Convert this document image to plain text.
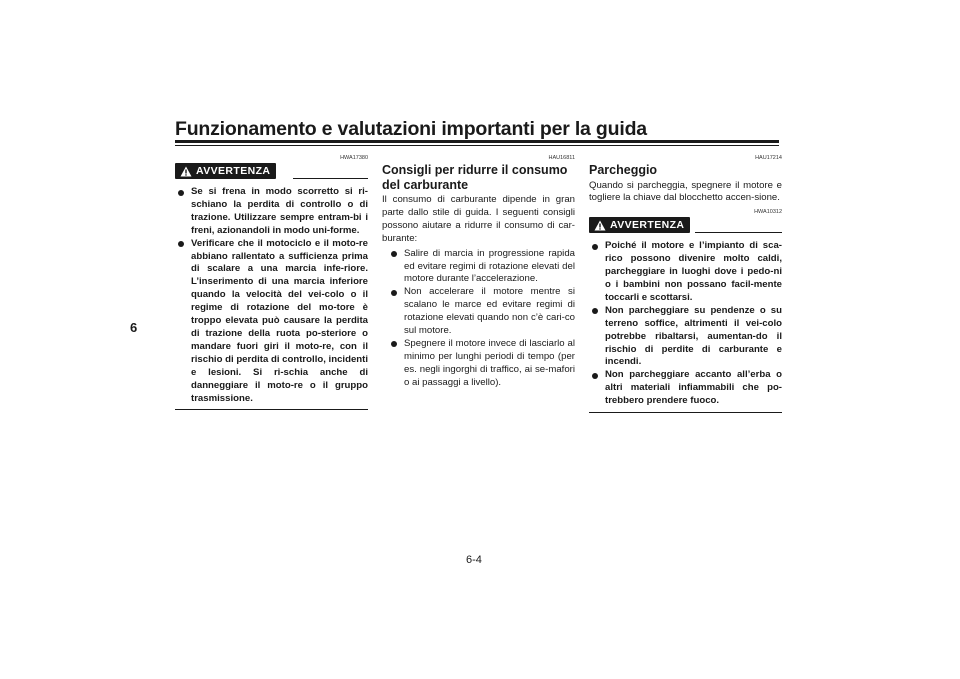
Funzionamento e valutazioni importanti per la guida
6
HWA17380
AVVERTENZA
Se si frena in modo scorretto si ri-schiano la perdita di controllo o di trazione. Utilizzare sempre entram-bi i freni, azionandoli in modo uni-forme.
Verificare che il motociclo e il moto-re abbiano rallentato a sufficienza prima di scalare a una marcia infe-riore. L’inserimento di una marcia inferiore quando la velocità del vei-colo o il regime di rotazione del mo-tore è troppo elevata può causare la perdita di trazione della ruota po-steriore o mandare fuori giri il moto-re, con il rischio di perdita di controllo, incidenti e lesioni. Si ri-schia anche di danneggiare il moto-re o il gruppo trasmissione.
HAU16811
Consigli per ridurre il consumo del carburante

Il consumo di carburante dipende in gran parte dallo stile di guida. I seguenti consigli possono aiutare a ridurre il consumo di car-burante:

Salire di marcia in progressione rapida ed evitare regimi di rotazione elevati del motore durante l’accelerazione.
Non accelerare il motore mentre si scalano le marce ed evitare regimi di rotazione elevati quando non c’è cari-co sul motore.
Spegnere il motore invece di lasciarlo al minimo per lunghi periodi di tempo (per es. negli ingorghi di traffico, ai se-mafori o ai passaggi a livello).
HAU17214
Parcheggio

Quando si parcheggia, spegnere il motore e togliere la chiave dal blocchetto accen-sione.

HWA10312
AVVERTENZA
Poiché il motore e l’impianto di sca-rico possono divenire molto caldi, parcheggiare in luoghi dove i pedo-ni o i bambini non possano facil-mente toccarli e scottarsi.
Non parcheggiare su pendenze o su terreno soffice, altrimenti il vei-colo potrebbe ribaltarsi, aumentan-do il rischio di perdite di carburante e incendi.
Non parcheggiare accanto all’erba o altri materiali infiammabili che po-trebbero prendere fuoco.
6-4
